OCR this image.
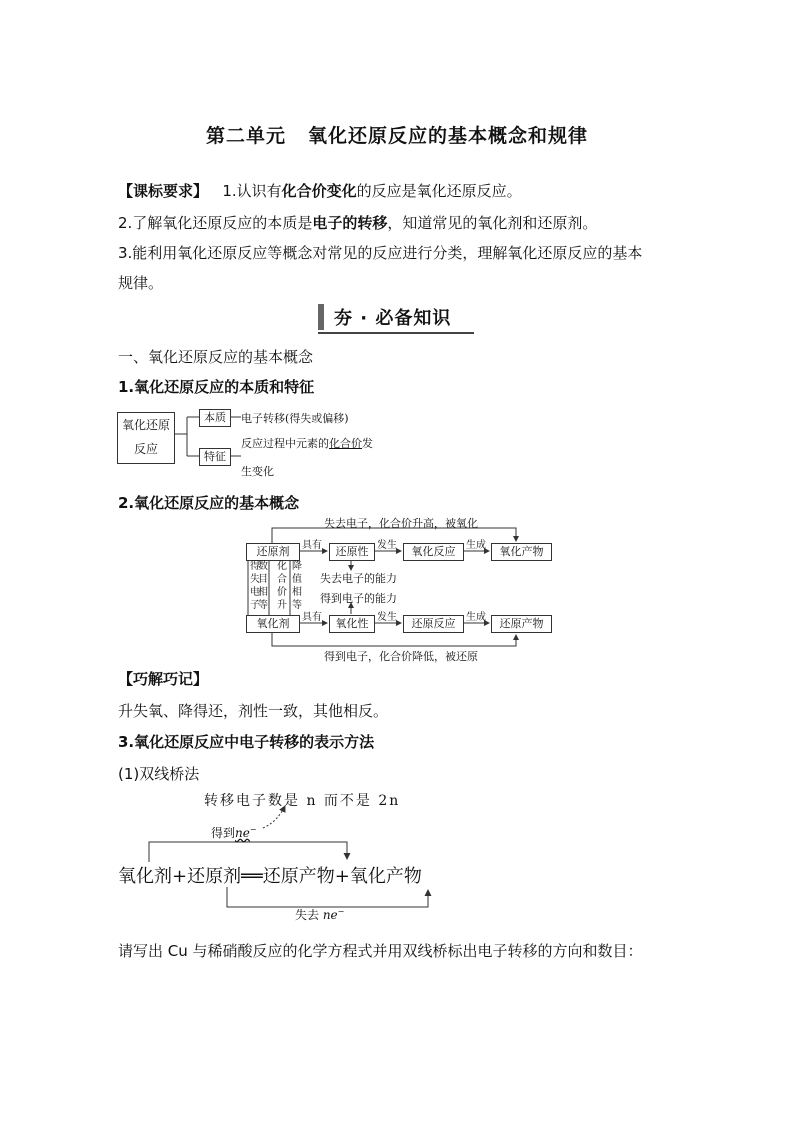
第二单元 氧化还原反应的基本概念和规律
【课标要求】 1.认识有化合价变化的反应是氧化还原反应。
2.了解氧化还原反应的本质是电子的转移，知道常见的氧化剂和还原剂。
3.能利用氧化还原反应等概念对常见的反应进行分类，理解氧化还原反应的基本
规律。
夯 · 必备知识
一、氧化还原反应的基本概念
1.氧化还原反应的本质和特征
氧化还原
反应
本质	电子转移(得失或偏移)
特征
反应过程中元素的化合价发
生变化
2.氧化还原反应的基本概念
失去电子，化合价升高，被氧化
得到电子，化合价降低，被还原
还原剂	还原性	氧化反应	氧化产物
氧化剂	氧化性	还原反应	还原产物
具有	发生	生成
具有	发生	生成
得
失
电
子
数
目
相
等
化
合
价
升
降
值
相
等
失去电子的能力
得到电子的能力
【巧解巧记】
升失氧、降得还，剂性一致，其他相反。
3.氧化还原反应中电子转移的表示方法
(1)双线桥法
转移电子数是 n 而不是 2n
得到ne−
氧化剂+还原剂══还原产物+氧化产物
失去 ne−
请写出 Cu 与稀硝酸反应的化学方程式并用双线桥标出电子转移的方向和数目：
